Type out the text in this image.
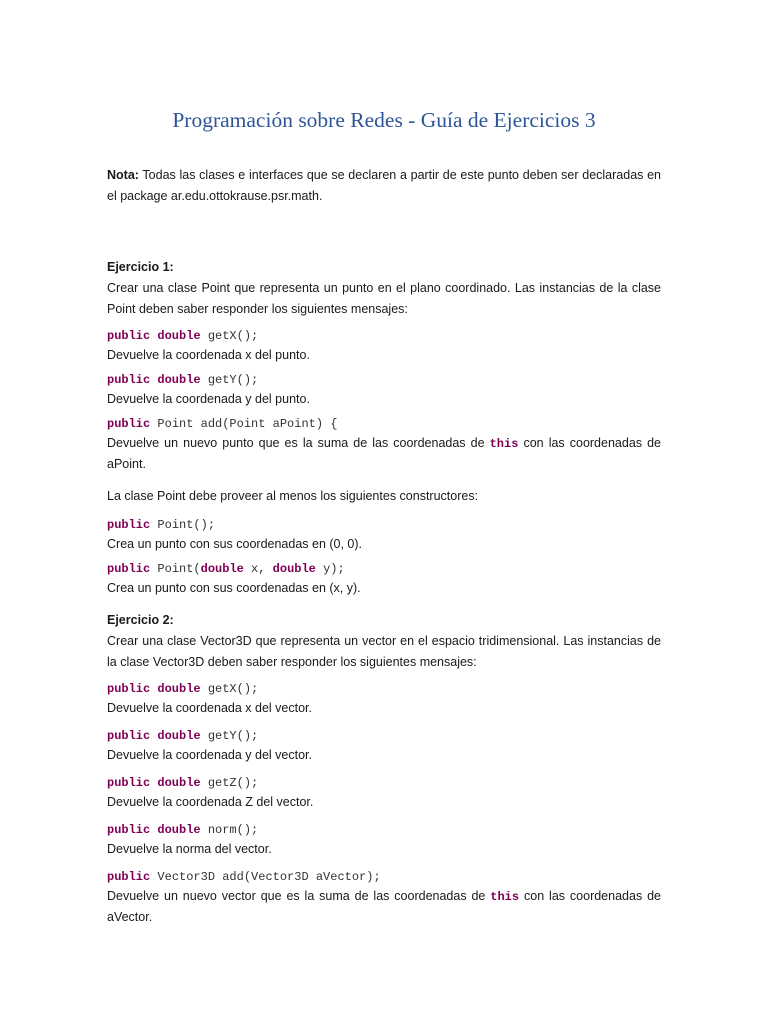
Programación sobre Redes - Guía de Ejercicios 3
Nota: Todas las clases e interfaces que se declaren a partir de este punto deben ser declaradas en el package ar.edu.ottokrause.psr.math.
Ejercicio 1:
Crear una clase Point que representa un punto en el plano coordinado. Las instancias de la clase Point deben saber responder los siguientes mensajes:
public double getX();
Devuelve la coordenada x del punto.
public double getY();
Devuelve la coordenada y del punto.
public Point add(Point aPoint) {
Devuelve un nuevo punto que es la suma de las coordenadas de this con las coordenadas de aPoint.
La clase Point debe proveer al menos los siguientes constructores:
public Point();
Crea un punto con sus coordenadas en (0, 0).
public Point(double x, double y);
Crea un punto con sus coordenadas en (x, y).
Ejercicio 2:
Crear una clase Vector3D que representa un vector en el espacio tridimensional. Las instancias de la clase Vector3D deben saber responder los siguientes mensajes:
public double getX();
Devuelve la coordenada x del vector.
public double getY();
Devuelve la coordenada y del vector.
public double getZ();
Devuelve la coordenada Z del vector.
public double norm();
Devuelve la norma del vector.
public Vector3D add(Vector3D aVector);
Devuelve un nuevo vector que es la suma de las coordenadas de this con las coordenadas de aVector.
